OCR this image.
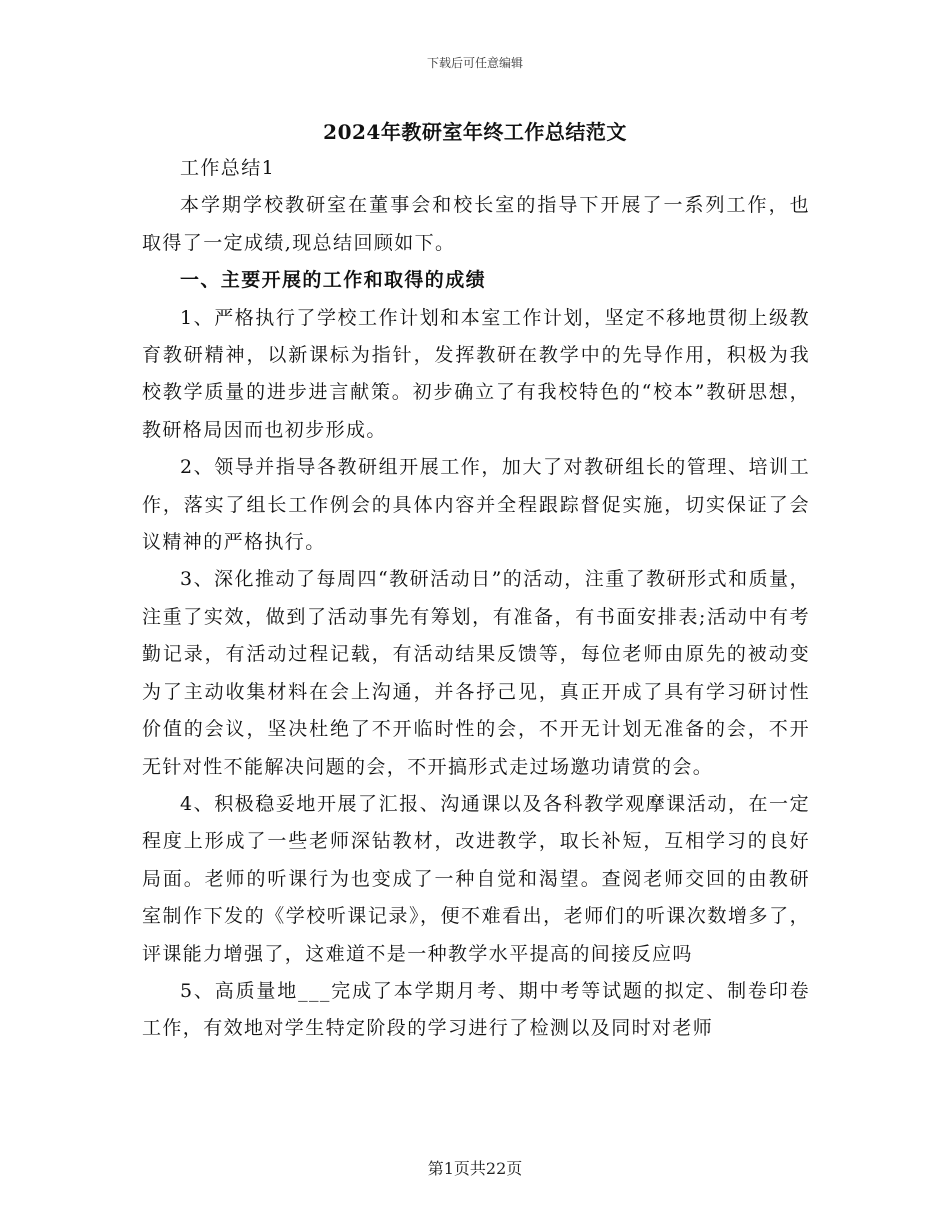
下载后可任意编辑
2024年教研室年终工作总结范文

工作总结1

本学期学校教研室在董事会和校长室的指导下开展了一系列工作，也取得了一定成绩,现总结回顾如下。

一、主要开展的工作和取得的成绩

1、严格执行了学校工作计划和本室工作计划，坚定不移地贯彻上级教育教研精神，以新课标为指针，发挥教研在教学中的先导作用，积极为我校教学质量的进步进言献策。初步确立了有我校特色的“校本”教研思想，教研格局因而也初步形成。

2、领导并指导各教研组开展工作，加大了对教研组长的管理、培训工作，落实了组长工作例会的具体内容并全程跟踪督促实施，切实保证了会议精神的严格执行。

3、深化推动了每周四“教研活动日”的活动，注重了教研形式和质量，注重了实效，做到了活动事先有筹划，有准备，有书面安排表;活动中有考勤记录，有活动过程记载，有活动结果反馈等，每位老师由原先的被动变为了主动收集材料在会上沟通，并各抒己见，真正开成了具有学习研讨性价值的会议，坚决杜绝了不开临时性的会，不开无计划无准备的会，不开无针对性不能解决问题的会，不开搞形式走过场邀功请赏的会。

4、积极稳妥地开展了汇报、沟通课以及各科教学观摩课活动，在一定程度上形成了一些老师深钻教材，改进教学，取长补短，互相学习的良好局面。老师的听课行为也变成了一种自觉和渴望。查阅老师交回的由教研室制作下发的《学校听课记录》，便不难看出，老师们的听课次数增多了，评课能力增强了，这难道不是一种教学水平提高的间接反应吗

5、高质量地___完成了本学期月考、期中考等试题的拟定、制卷印卷工作，有效地对学生特定阶段的学习进行了检测以及同时对老师

第1页共22页
